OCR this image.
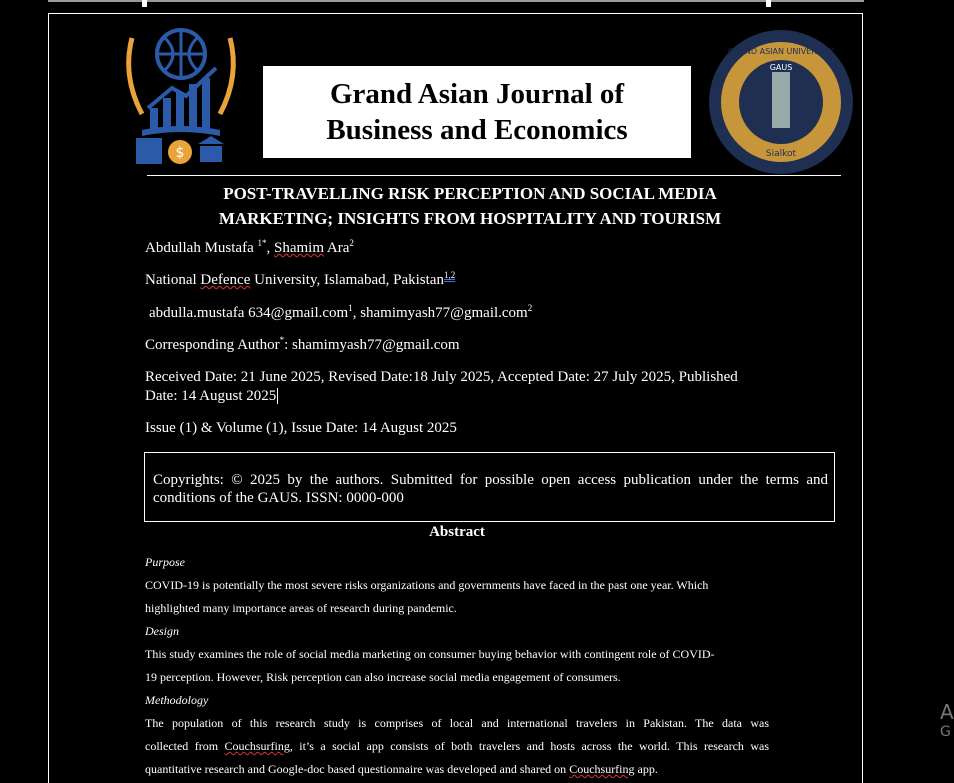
$
Grand Asian Journal of
Business and Economics
GAUS
GRAND ASIAN UNIVERSITY
Sialkot
POST-TRAVELLING RISK PERCEPTION AND SOCIAL MEDIA
MARKETING; INSIGHTS FROM HOSPITALITY AND TOURISM
Abdullah Mustafa $^{1*}$, Shamim Ara$^2$
National Defence University, Islamabad, Pakistan$^{1,2}$
abdulla.mustafa 634@gmail.com$^1$, shamimyash77@gmail.com$^2$
Corresponding Author*: shamimyash77@gmail.com
Received Date: 21 June 2025, Revised Date:18 July 2025, Accepted Date: 27 July 2025, Published
Date: 14 August 2025
Issue (1) & Volume (1), Issue Date: 14 August 2025
Copyrights: © 2025 by the authors. Submitted for possible open access publication under the terms and conditions of the GAUS. ISSN: 0000-000
Abstract

Purpose

COVID-19 is potentially the most severe risks organizations and governments have faced in the past one year. Which

highlighted many importance areas of research during pandemic.

Design

This study examines the role of social media marketing on consumer buying behavior with contingent role of COVID-

19 perception. However, Risk perception can also increase social media engagement of consumers.

Methodology

The population of this research study is comprises of local and international travelers in Pakistan. The data was

collected from Couchsurfing, it’s a social app consists of both travelers and hosts across the world. This research was

quantitative research and Google-doc based questionnaire was developed and shared on Couchsurfing app.

A
G
